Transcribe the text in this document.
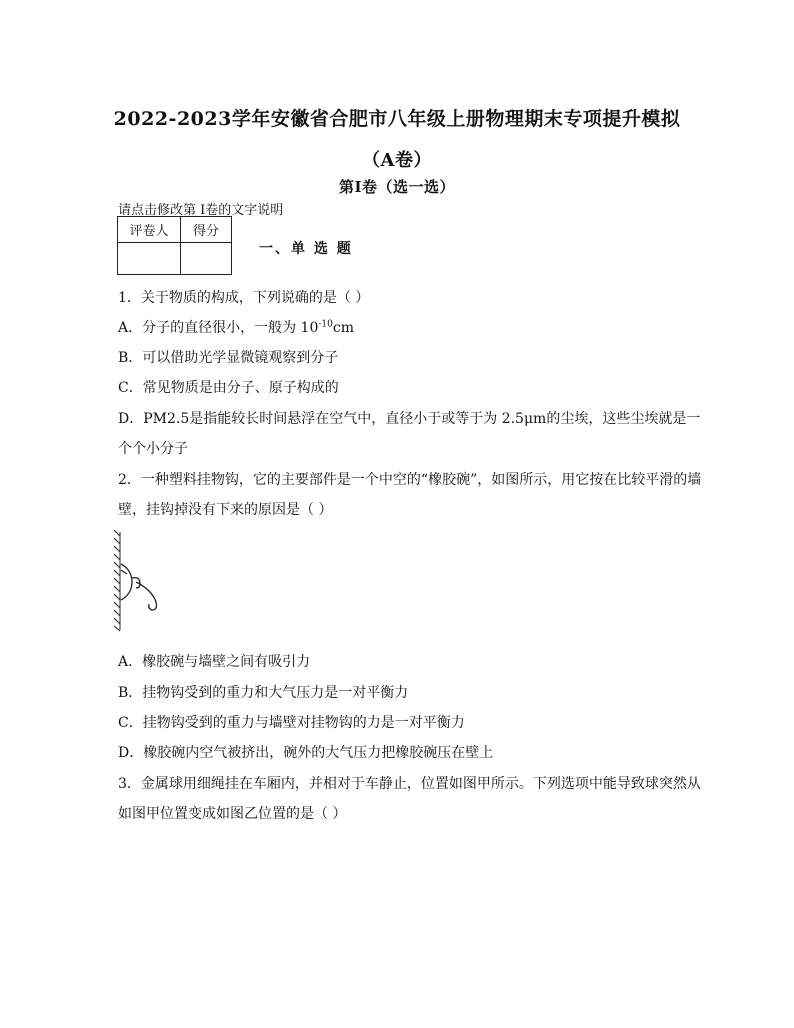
2022-2023学年安徽省合肥市八年级上册物理期末专项提升模拟
（A卷）
第I卷（选一选）
请点击修改第 I卷的文字说明
评卷人	得分

一、单 选 题
1．关于物质的构成，下列说确的是（ ）
A．分子的直径很小，一般为 $10^{-10}cm$
B．可以借助光学显微镜观察到分子
C．常见物质是由分子、原子构成的
D．PM2.5是指能较长时间悬浮在空气中，直径小于或等于为 2.5μm的尘埃，这些尘埃就是一
个个小分子
2．一种塑料挂物钩，它的主要部件是一个中空的“橡胶碗”，如图所示，用它按在比较平滑的墙
壁，挂钩掉没有下来的原因是（ ）
A．橡胶碗与墙壁之间有吸引力
B．挂物钩受到的重力和大气压力是一对平衡力
C．挂物钩受到的重力与墙壁对挂物钩的力是一对平衡力
D．橡胶碗内空气被挤出，碗外的大气压力把橡胶碗压在壁上
3．金属球用细绳挂在车厢内，并相对于车静止，位置如图甲所示。下列选项中能导致球突然从
如图甲位置变成如图乙位置的是（ ）
